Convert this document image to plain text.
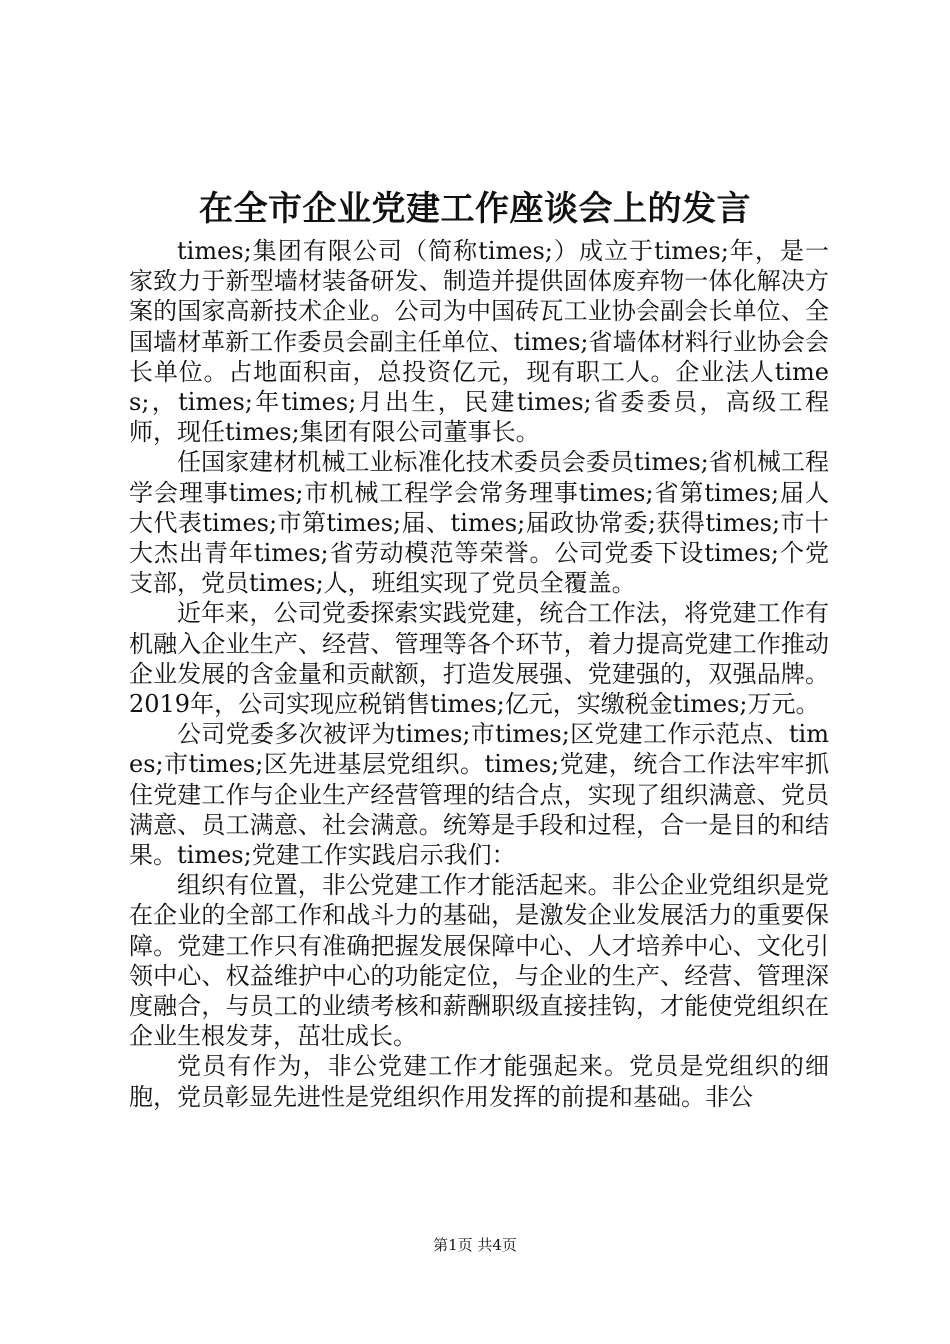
在全市企业党建工作座谈会上的发言

times;集团有限公司（简称times;）成立于times;年，是一家致力于新型墙材装备研发、制造并提供固体废弃物一体化解决方案的国家高新技术企业。公司为中国砖瓦工业协会副会长单位、全国墙材革新工作委员会副主任单位、times;省墙体材料行业协会会长单位。占地面积亩，总投资亿元，现有职工人。企业法人times;，times;年times;月出生，民建times;省委委员，高级工程师，现任times;集团有限公司董事长。

任国家建材机械工业标准化技术委员会委员times;省机械工程学会理事times;市机械工程学会常务理事times;省第times;届人大代表times;市第times;届、times;届政协常委;获得times;市十大杰出青年times;省劳动模范等荣誉。公司党委下设times;个党支部，党员times;人，班组实现了党员全覆盖。

近年来，公司党委探索实践党建，统合工作法，将党建工作有机融入企业生产、经营、管理等各个环节，着力提高党建工作推动企业发展的含金量和贡献额，打造发展强、党建强的，双强品牌。2019年，公司实现应税销售times;亿元，实缴税金times;万元。

公司党委多次被评为times;市times;区党建工作示范点、times;市times;区先进基层党组织。times;党建，统合工作法牢牢抓住党建工作与企业生产经营管理的结合点，实现了组织满意、党员满意、员工满意、社会满意。统筹是手段和过程，合一是目的和结果。times;党建工作实践启示我们：

组织有位置，非公党建工作才能活起来。非公企业党组织是党在企业的全部工作和战斗力的基础，是激发企业发展活力的重要保障。党建工作只有准确把握发展保障中心、人才培养中心、文化引领中心、权益维护中心的功能定位，与企业的生产、经营、管理深度融合，与员工的业绩考核和薪酬职级直接挂钩，才能使党组织在企业生根发芽，茁壮成长。

党员有作为，非公党建工作才能强起来。党员是党组织的细胞，党员彰显先进性是党组织作用发挥的前提和基础。非公

第1页 共4页
